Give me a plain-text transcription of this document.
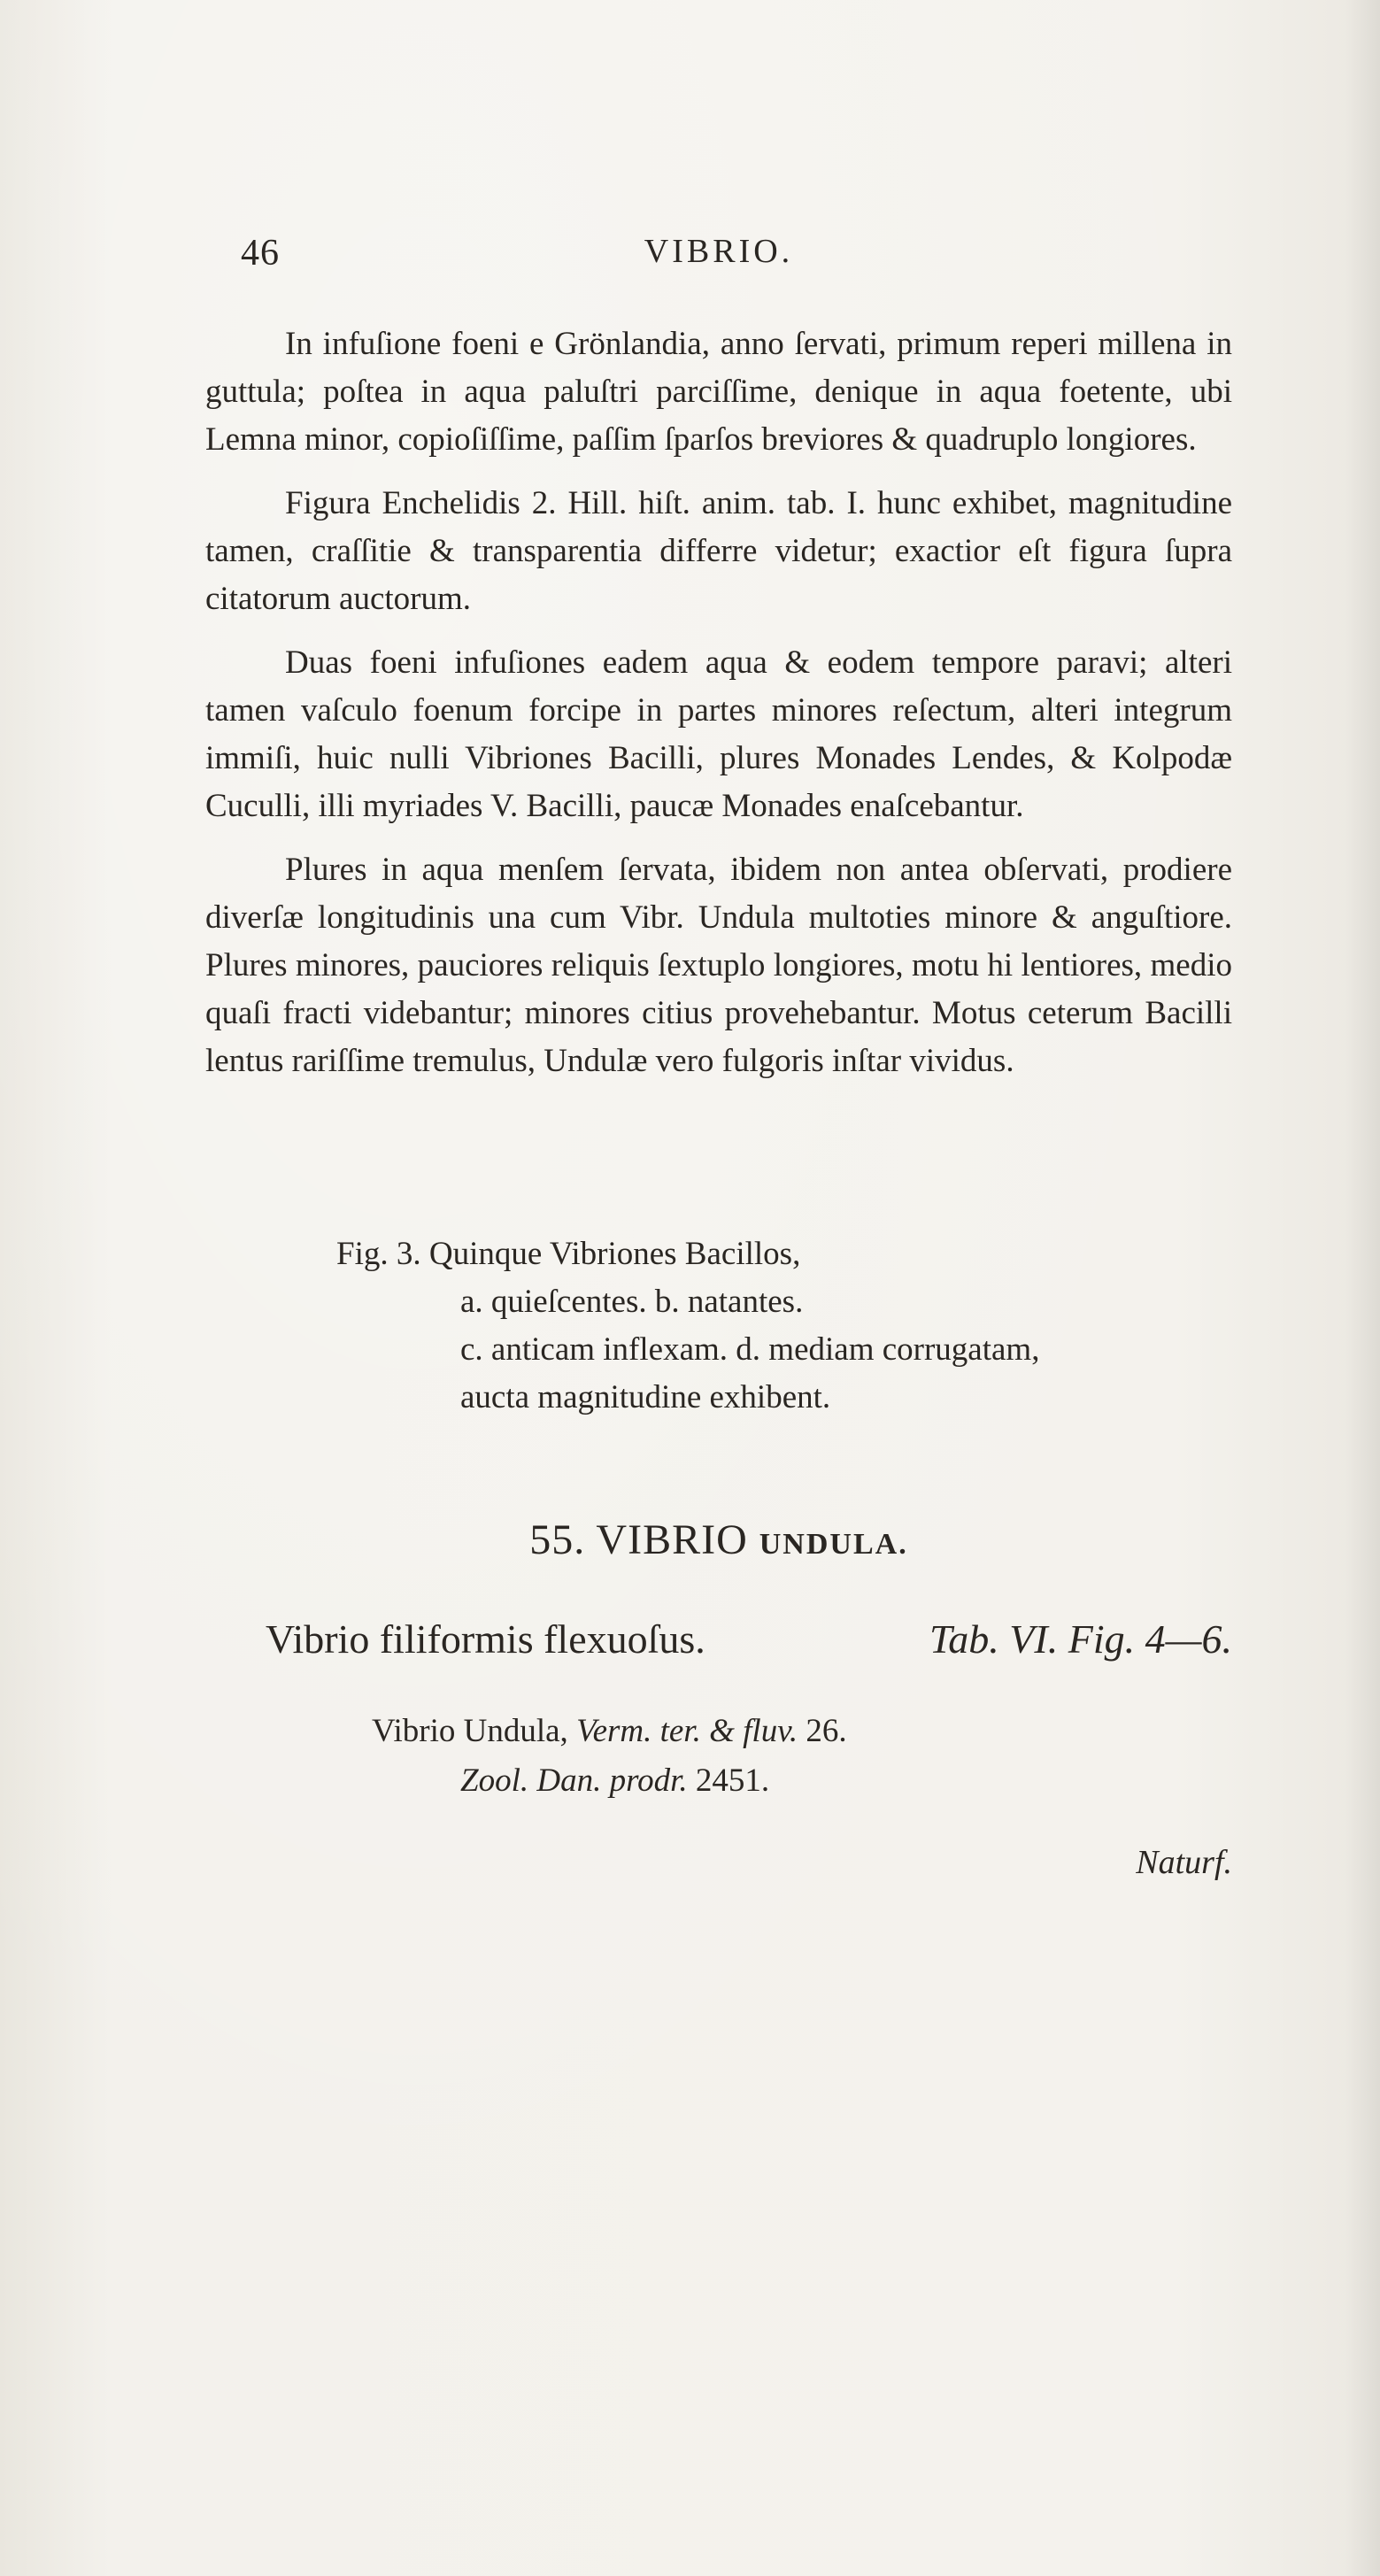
46	VIBRIO.

In infuſione foeni e Grönlandia, anno ſervati, primum reperi millena in guttula; poſtea in aqua paluſtri parciſſime, denique in aqua foetente, ubi Lemna minor, copioſiſſime, paſſim ſparſos breviores & quadruplo longiores.

Figura Enchelidis 2. Hill. hiſt. anim. tab. I. hunc exhibet, magnitudine tamen, craſſitie & transparentia differre videtur; exactior eſt figura ſupra citatorum auctorum.

Duas foeni infuſiones eadem aqua & eodem tempore paravi; alteri tamen vaſculo foenum forcipe in partes minores reſectum, alteri integrum immiſi, huic nulli Vibriones Bacilli, plures Monades Lendes, & Kolpodæ Cuculli, illi myriades V. Bacilli, paucæ Monades enaſcebantur.

Plures in aqua menſem ſervata, ibidem non antea obſervati, prodiere diverſæ longitudinis una cum Vibr. Undula multoties minore & anguſtiore. Plures minores, pauciores reliquis ſextuplo longiores, motu hi lentiores, medio quaſi fracti videbantur; minores citius provehebantur. Motus ceterum Bacilli lentus rariſſime tremulus, Undulæ vero fulgoris inſtar vividus.

Fig. 3. Quinque Vibriones Bacillos,

a. quieſcentes. b. natantes.

c. anticam inflexam. d. mediam corrugatam,

aucta magnitudine exhibent.

55. VIBRIO UNDULA.
Vibrio filiformis flexuoſus.	Tab. VI. Fig. 4—6.
Vibrio Undula, Verm. ter. & fluv. 26.
Zool. Dan. prodr. 2451.
Naturf.
